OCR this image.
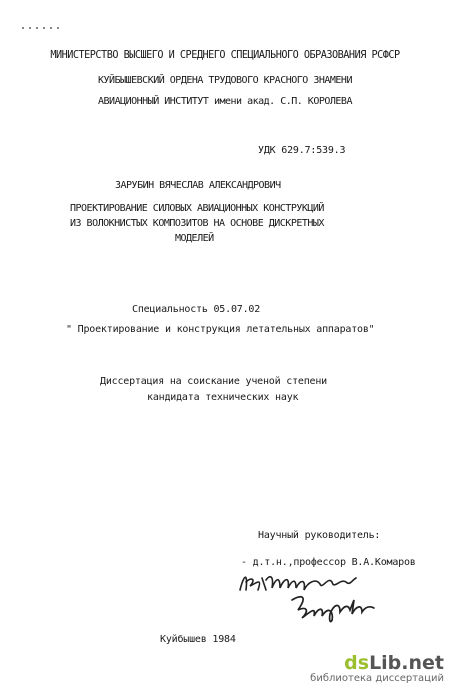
МИНИСТЕРСТВО ВЫСШЕГО И СРЕДНЕГО СПЕЦИАЛЬНОГО ОБРАЗОВАНИЯ РСФСР
КУЙБЫШЕВСКИЙ ОРДЕНА ТРУДОВОГО КРАСНОГО ЗНАМЕНИ
АВИАЦИОННЫЙ ИНСТИТУТ имени акад. С.П. КОРОЛЕВА
УДК 629.7:539.3
ЗАРУБИН ВЯЧЕСЛАВ АЛЕКСАНДРОВИЧ
ПРОЕКТИРОВАНИЕ СИЛОВЫХ АВИАЦИОННЫХ КОНСТРУКЦИЙ
ИЗ ВОЛОКНИСТЫХ КОМПОЗИТОВ НА ОСНОВЕ ДИСКРЕТНЫХ
МОДЕЛЕЙ
Специальность 05.07.02
" Проектирование и конструкция летательных аппаратов"
Диссертация на соискание ученой степени
кандидата технических наук
Научный руководитель:
- д.т.н.,профессор В.А.Комаров
Куйбышев 1984
dsLib.net
библиотека диссертаций
